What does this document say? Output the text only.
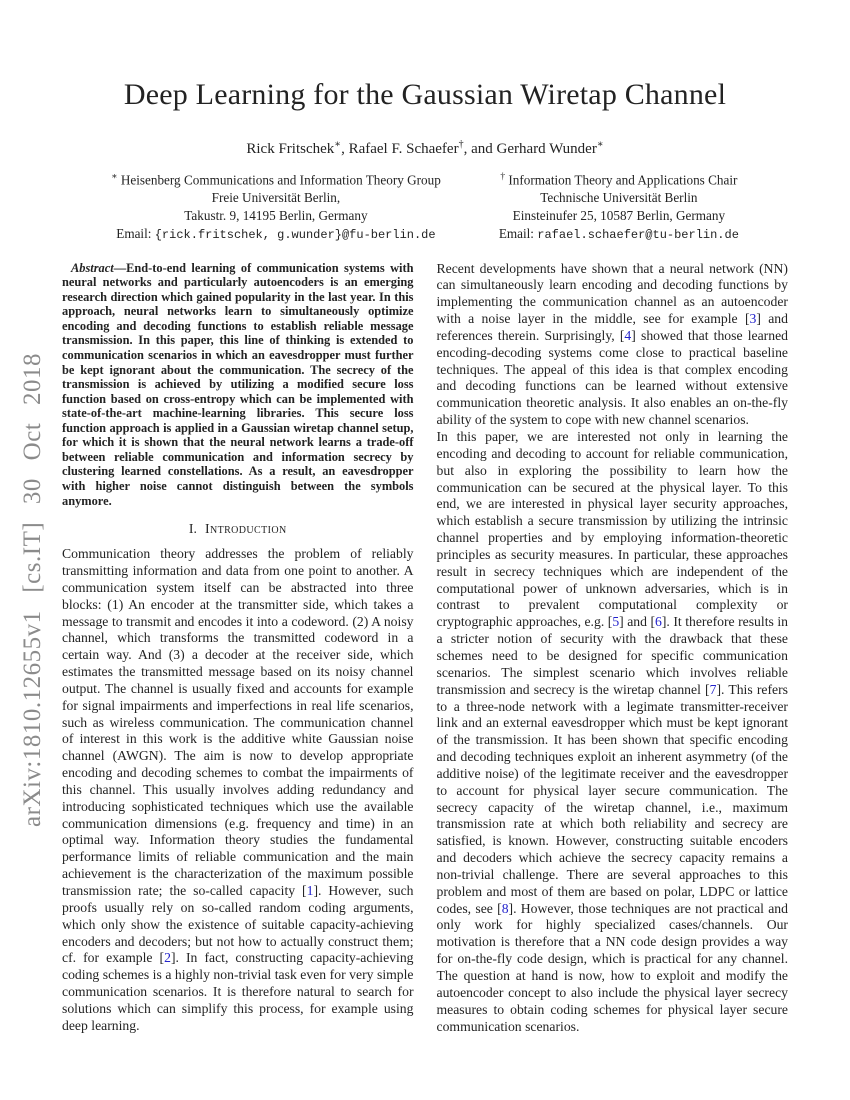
arXiv:1810.12655v1 [cs.IT] 30 Oct 2018
Deep Learning for the Gaussian Wiretap Channel
Rick Fritschek∗, Rafael F. Schaefer†, and Gerhard Wunder∗
∗ Heisenberg Communications and Information Theory Group
Freie Universität Berlin,
Takustr. 9, 14195 Berlin, Germany
Email: {rick.fritschek, g.wunder}@fu-berlin.de
† Information Theory and Applications Chair
Technische Universität Berlin
Einsteinufer 25, 10587 Berlin, Germany
Email: rafael.schaefer@tu-berlin.de
Abstract—End-to-end learning of communication systems with neural networks and particularly autoencoders is an emerging research direction which gained popularity in the last year. In this approach, neural networks learn to simultaneously optimize encoding and decoding functions to establish reliable message transmission. In this paper, this line of thinking is extended to communication scenarios in which an eavesdropper must further be kept ignorant about the communication. The secrecy of the transmission is achieved by utilizing a modified secure loss function based on cross-entropy which can be implemented with state-of-the-art machine-learning libraries. This secure loss function approach is applied in a Gaussian wiretap channel setup, for which it is shown that the neural network learns a trade-off between reliable communication and information secrecy by clustering learned constellations. As a result, an eavesdropper with higher noise cannot distinguish between the symbols anymore.
I. Introduction

Communication theory addresses the problem of reliably transmitting information and data from one point to another. A communication system itself can be abstracted into three blocks: (1) An encoder at the transmitter side, which takes a message to transmit and encodes it into a codeword. (2) A noisy channel, which transforms the transmitted codeword in a certain way. And (3) a decoder at the receiver side, which estimates the transmitted message based on its noisy channel output. The channel is usually fixed and accounts for example for signal impairments and imperfections in real life scenarios, such as wireless communication. The communication channel of interest in this work is the additive white Gaussian noise channel (AWGN). The aim is now to develop appropriate encoding and decoding schemes to combat the impairments of this channel. This usually involves adding redundancy and introducing sophisticated techniques which use the available communication dimensions (e.g. frequency and time) in an optimal way. Information theory studies the fundamental performance limits of reliable communication and the main achievement is the characterization of the maximum possible transmission rate; the so-called capacity [1]. However, such proofs usually rely on so-called random coding arguments, which only show the existence of suitable capacity-achieving encoders and decoders; but not how to actually construct them; cf. for example [2]. In fact, constructing capacity-achieving coding schemes is a highly non-trivial task even for very simple communication scenarios. It is therefore natural to search for solutions which can simplify this process, for example using deep learning.

Recent developments have shown that a neural network (NN) can simultaneously learn encoding and decoding functions by implementing the communication channel as an autoencoder with a noise layer in the middle, see for example [3] and references therein. Surprisingly, [4] showed that those learned encoding-decoding systems come close to practical baseline techniques. The appeal of this idea is that complex encoding and decoding functions can be learned without extensive communication theoretic analysis. It also enables an on-the-fly ability of the system to cope with new channel scenarios.

In this paper, we are interested not only in learning the encoding and decoding to account for reliable communication, but also in exploring the possibility to learn how the communication can be secured at the physical layer. To this end, we are interested in physical layer security approaches, which establish a secure transmission by utilizing the intrinsic channel properties and by employing information-theoretic principles as security measures. In particular, these approaches result in secrecy techniques which are independent of the computational power of unknown adversaries, which is in contrast to prevalent computational complexity or cryptographic approaches, e.g. [5] and [6]. It therefore results in a stricter notion of security with the drawback that these schemes need to be designed for specific communication scenarios. The simplest scenario which involves reliable transmission and secrecy is the wiretap channel [7]. This refers to a three-node network with a legimate transmitter-receiver link and an external eavesdropper which must be kept ignorant of the transmission. It has been shown that specific encoding and decoding techniques exploit an inherent asymmetry (of the additive noise) of the legitimate receiver and the eavesdropper to account for physical layer secure communication. The secrecy capacity of the wiretap channel, i.e., maximum transmission rate at which both reliability and secrecy are satisfied, is known. However, constructing suitable encoders and decoders which achieve the secrecy capacity remains a non-trivial challenge. There are several approaches to this problem and most of them are based on polar, LDPC or lattice codes, see [8]. However, those techniques are not practical and only work for highly specialized cases/channels. Our motivation is therefore that a NN code design provides a way for on-the-fly code design, which is practical for any channel. The question at hand is now, how to exploit and modify the autoencoder concept to also include the physical layer secrecy measures to obtain coding schemes for physical layer secure communication scenarios.
